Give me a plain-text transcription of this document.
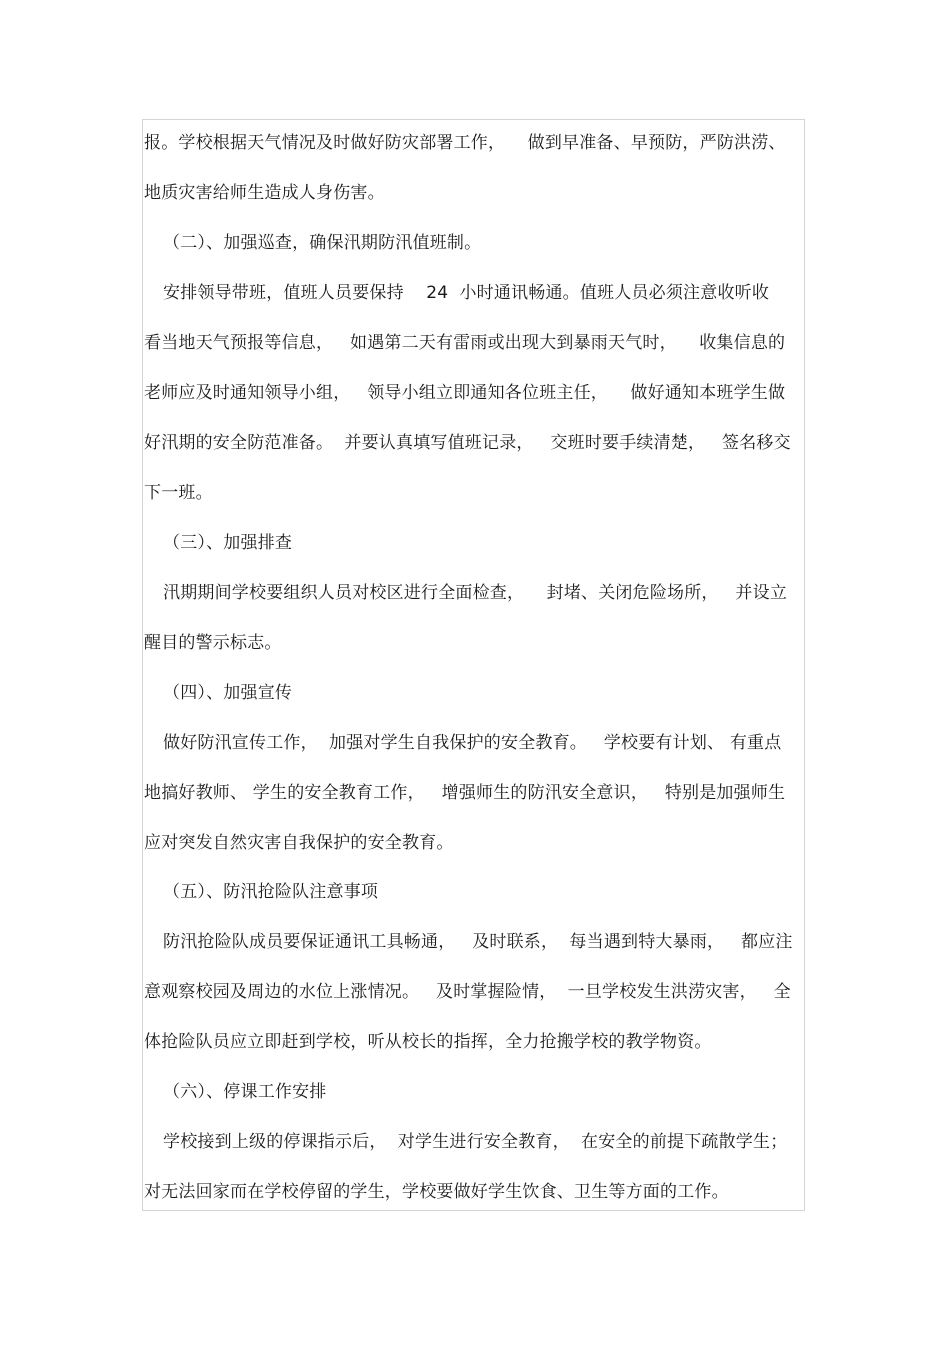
报。学校根据天气情况及时做好防灾部署工作，    做到早准备、早预防，严防洪涝、
地质灾害给师生造成人身伤害。
（二）、加强巡查，确保汛期防汛值班制。
安排领导带班，值班人员要保持    24  小时通讯畅通。值班人员必须注意收听收
看当地天气预报等信息，   如遇第二天有雷雨或出现大到暴雨天气时，    收集信息的
老师应及时通知领导小组，   领导小组立即通知各位班主任，    做好通知本班学生做
好汛期的安全防范准备。  并要认真填写值班记录，   交班时要手续清楚，   签名移交
下一班。
（三）、加强排查
汛期期间学校要组织人员对校区进行全面检查，    封堵、关闭危险场所，   并设立
醒目的警示标志。
（四）、加强宣传
做好防汛宣传工作，  加强对学生自我保护的安全教育。   学校要有计划、 有重点
地搞好教师、 学生的安全教育工作，   增强师生的防汛安全意识，   特别是加强师生
应对突发自然灾害自我保护的安全教育。
（五）、防汛抢险队注意事项
防汛抢险队成员要保证通讯工具畅通，   及时联系，  每当遇到特大暴雨，   都应注
意观察校园及周边的水位上涨情况。   及时掌握险情，  一旦学校发生洪涝灾害，   全
体抢险队员应立即赶到学校，听从校长的指挥，全力抢搬学校的教学物资。
（六）、停课工作安排
学校接到上级的停课指示后，  对学生进行安全教育，  在安全的前提下疏散学生；
对无法回家而在学校停留的学生，学校要做好学生饮食、卫生等方面的工作。
